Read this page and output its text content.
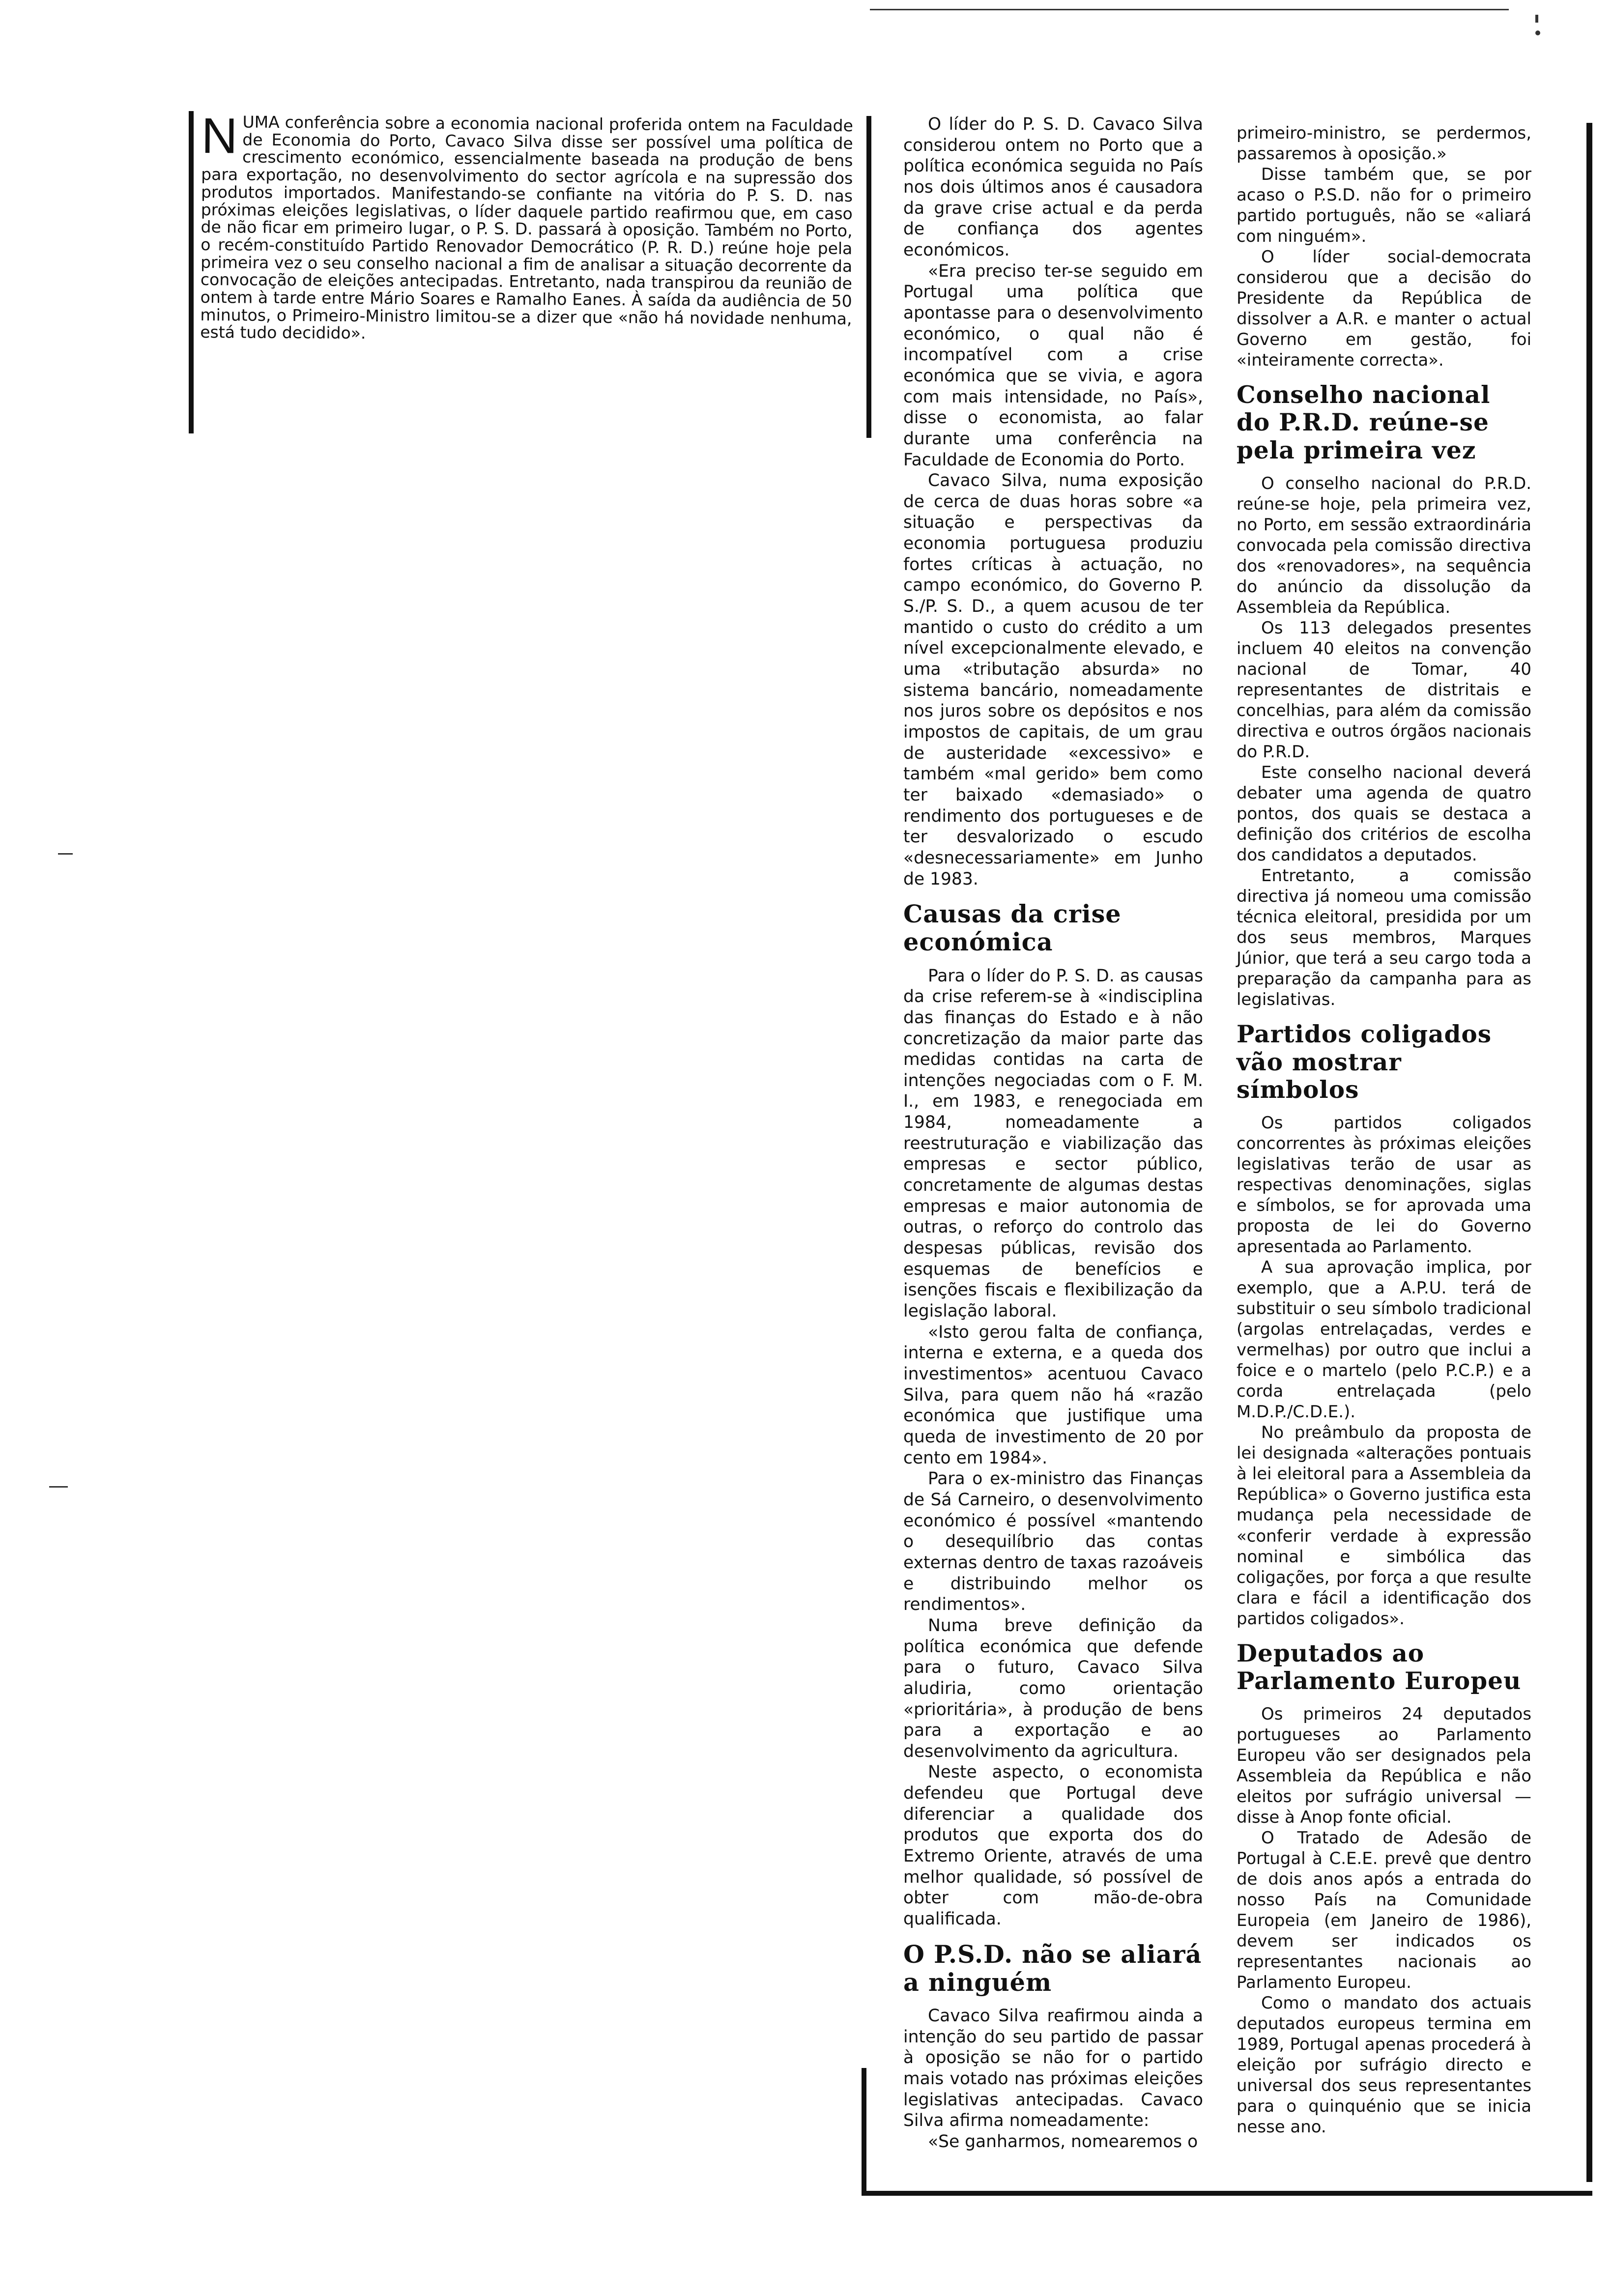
N UMA conferência sobre a economia nacional proferida ontem na Faculdade de Economia do Porto, Cavaco Silva disse ser possível uma política de crescimento económico, essencialmente baseada na produção de bens para exportação, no desenvolvimento do sector agrícola e na supressão dos produtos importados. Manifestando-se confiante na vitória do P. S. D. nas próximas eleições legislativas, o líder daquele partido reafirmou que, em caso de não ficar em primeiro lugar, o P. S. D. passará à oposição. Também no Porto, o recém-constituído Partido Renovador Democrático (P. R. D.) reúne hoje pela primeira vez o seu conselho nacional a fim de analisar a situação decorrente da convocação de eleições antecipadas. Entretanto, nada transpirou da reunião de ontem à tarde entre Mário Soares e Ramalho Eanes. À saída da audiência de 50 minutos, o Primeiro-Ministro limitou-se a dizer que «não há novidade nenhuma, está tudo decidido».

O líder do P. S. D. Cavaco Silva considerou ontem no Porto que a política económica seguida no País nos dois últimos anos é causadora da grave crise actual e da perda de confiança dos agentes económicos.

«Era preciso ter-se seguido em Portugal uma política que apontasse para o desenvolvimento económico, o qual não é incompatível com a crise económica que se vivia, e agora com mais intensidade, no País», disse o economista, ao falar durante uma conferência na Faculdade de Economia do Porto.

Cavaco Silva, numa exposição de cerca de duas horas sobre «a situação e perspectivas da economia portuguesa produziu fortes críticas à actuação, no campo económico, do Governo P. S./P. S. D., a quem acusou de ter mantido o custo do crédito a um nível excepcionalmente elevado, e uma «tributação absurda» no sistema bancário, nomeadamente nos juros sobre os depósitos e nos impostos de capitais, de um grau de austeridade «excessivo» e também «mal gerido» bem como ter baixado «demasiado» o rendimento dos portugueses e de ter desvalorizado o escudo «desnecessariamente» em Junho de 1983.

Causas da crise económica

Para o líder do P. S. D. as causas da crise referem-se à «indisciplina das finanças do Estado e à não concretização da maior parte das medidas contidas na carta de intenções negociadas com o F. M. I., em 1983, e renegociada em 1984, nomeadamente a reestruturação e viabilização das empresas e sector público, concretamente de algumas destas empresas e maior autonomia de outras, o reforço do controlo das despesas públicas, revisão dos esquemas de benefícios e isenções fiscais e flexibilização da legislação laboral.

«Isto gerou falta de confiança, interna e externa, e a queda dos investimentos» acentuou Cavaco Silva, para quem não há «razão económica que justifique uma queda de investimento de 20 por cento em 1984».

Para o ex-ministro das Finanças de Sá Carneiro, o desenvolvimento económico é possível «mantendo o desequilíbrio das contas externas dentro de taxas razoáveis e distribuindo melhor os rendimentos».

Numa breve definição da política económica que defende para o futuro, Cavaco Silva aludiria, como orientação «prioritária», à produção de bens para a exportação e ao desenvolvimento da agricultura.

Neste aspecto, o economista defendeu que Portugal deve diferenciar a qualidade dos produtos que exporta dos do Extremo Oriente, através de uma melhor qualidade, só possível de obter com mão-de-obra qualificada.

O P.S.D. não se aliará a ninguém

Cavaco Silva reafirmou ainda a intenção do seu partido de passar à oposição se não for o partido mais votado nas próximas eleições legislativas antecipadas. Cavaco Silva afirma nomeadamente:

«Se ganharmos, nomearemos o

primeiro-ministro, se perdermos, passaremos à oposição.»

Disse também que, se por acaso o P.S.D. não for o primeiro partido português, não se «aliará com ninguém».

O líder social-democrata considerou que a decisão do Presidente da República de dissolver a A.R. e manter o actual Governo em gestão, foi «inteiramente correcta».

Conselho nacional do P.R.D. reúne-se pela primeira vez

O conselho nacional do P.R.D. reúne-se hoje, pela primeira vez, no Porto, em sessão extraordinária convocada pela comissão directiva dos «renovadores», na sequência do anúncio da dissolução da Assembleia da República.

Os 113 delegados presentes incluem 40 eleitos na convenção nacional de Tomar, 40 representantes de distritais e concelhias, para além da comissão directiva e outros órgãos nacionais do P.R.D.

Este conselho nacional deverá debater uma agenda de quatro pontos, dos quais se destaca a definição dos critérios de escolha dos candidatos a deputados.

Entretanto, a comissão directiva já nomeou uma comissão técnica eleitoral, presidida por um dos seus membros, Marques Júnior, que terá a seu cargo toda a preparação da campanha para as legislativas.

Partidos coligados vão mostrar símbolos

Os partidos coligados concorrentes às próximas eleições legislativas terão de usar as respectivas denominações, siglas e símbolos, se for aprovada uma proposta de lei do Governo apresentada ao Parlamento.

A sua aprovação implica, por exemplo, que a A.P.U. terá de substituir o seu símbolo tradicional (argolas entrelaçadas, verdes e vermelhas) por outro que inclui a foice e o martelo (pelo P.C.P.) e a corda entrelaçada (pelo M.D.P./C.D.E.).

No preâmbulo da proposta de lei designada «alterações pontuais à lei eleitoral para a Assembleia da República» o Governo justifica esta mudança pela necessidade de «conferir verdade à expressão nominal e simbólica das coligações, por força a que resulte clara e fácil a identificação dos partidos coligados».

Deputados ao Parlamento Europeu

Os primeiros 24 deputados portugueses ao Parlamento Europeu vão ser designados pela Assembleia da República e não eleitos por sufrágio universal — disse à Anop fonte oficial.

O Tratado de Adesão de Portugal à C.E.E. prevê que dentro de dois anos após a entrada do nosso País na Comunidade Europeia (em Janeiro de 1986), devem ser indicados os representantes nacionais ao Parlamento Europeu.

Como o mandato dos actuais deputados europeus termina em 1989, Portugal apenas procederá à eleição por sufrágio directo e universal dos seus representantes para o quinquénio que se inicia nesse ano.
